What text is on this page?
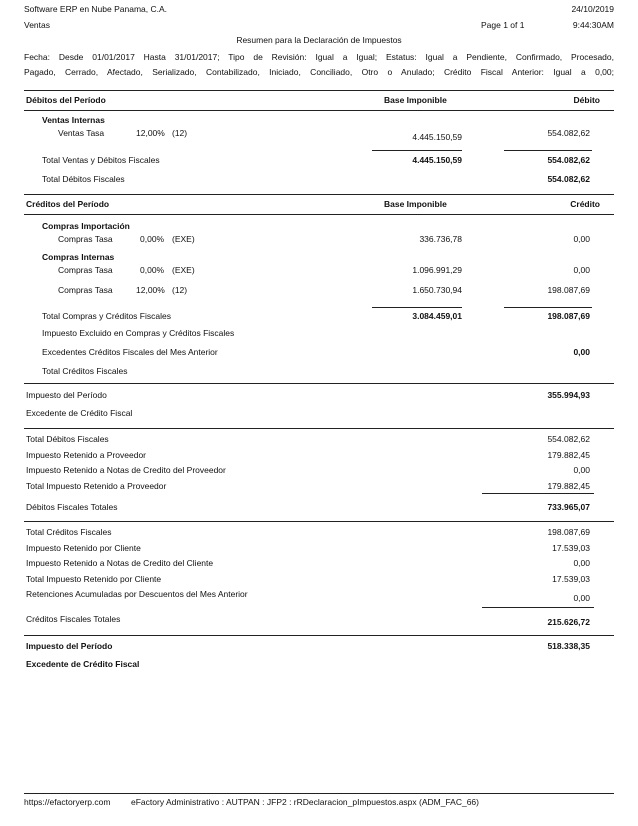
Software ERP en Nube Panama, C.A.	24/10/2019
Ventas	Page 1 of 1	9:44:30AM
Resumen para la Declaración de Impuestos
Fecha: Desde 01/01/2017 Hasta 31/01/2017; Tipo de Revisión: Igual a Igual; Estatus: Igual a Pendiente, Confirmado, Procesado,
Pagado, Cerrado, Afectado, Serializado, Contabilizado, Iniciado, Conciliado, Otro o Anulado; Crédito Fiscal Anterior: Igual a 0,00;
Débitos del Período	Base Imponible	Débito
Ventas Internas
Ventas Tasa	12,00% (12)	4.445.150,59	554.082,62
Total Ventas y Débitos Fiscales	4.445.150,59	554.082,62
Total Débitos Fiscales	554.082,62
Créditos del Período	Base Imponible	Crédito
Compras Importación
Compras Tasa	0,00% (EXE)	336.736,78	0,00
Compras Internas
Compras Tasa	0,00% (EXE)	1.096.991,29	0,00
Compras Tasa	12,00% (12)	1.650.730,94	198.087,69
Total Compras y Créditos Fiscales	3.084.459,01	198.087,69
Impuesto Excluido en Compras y Créditos Fiscales
Excedentes Créditos Fiscales del Mes Anterior	0,00
Total Créditos Fiscales
Impuesto del Período	355.994,93
Excedente de Crédito Fiscal
Total Débitos Fiscales	554.082,62
Impuesto Retenido a Proveedor	179.882,45
Impuesto Retenido a Notas de Credito del Proveedor	0,00
Total Impuesto Retenido a Proveedor	179.882,45
Débitos Fiscales Totales	733.965,07
Total Créditos Fiscales	198.087,69
Impuesto Retenido por Cliente	17.539,03
Impuesto Retenido a Notas de Credito del Cliente	0,00
Total Impuesto Retenido por Cliente	17.539,03
Retenciones Acumuladas por Descuentos del Mes Anterior	0,00
Créditos Fiscales Totales	215.626,72
Impuesto del Período	518.338,35
Excedente de Crédito Fiscal
https://efactoryerp.com eFactory Administrativo : AUTPAN : JFP2 : rRDeclaracion_pImpuestos.aspx (ADM_FAC_66)
